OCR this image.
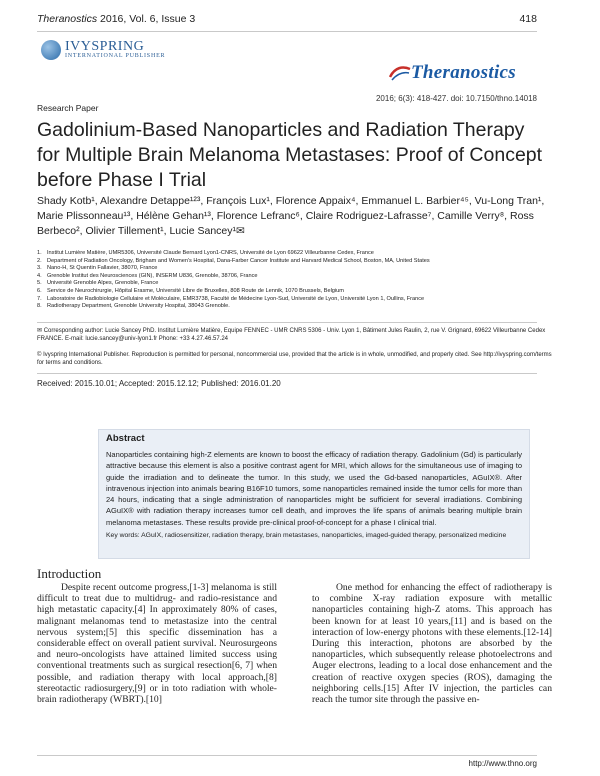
Theranostics 2016, Vol. 6, Issue 3	418
IVYSPRING
INTERNATIONAL PUBLISHER
Theranostics
2016; 6(3): 418-427. doi: 10.7150/thno.14018
Research Paper
Gadolinium-Based Nanoparticles and Radiation Therapy for Multiple Brain Melanoma Metastases: Proof of Concept before Phase I Trial
Shady Kotb¹, Alexandre Detappe¹²³, François Lux¹, Florence Appaix⁴, Emmanuel L. Barbier⁴⁵, Vu-Long Tran¹, Marie Plissonneau¹³, Hélène Gehan¹³, Florence Lefranc⁶, Claire Rodriguez-Lafrasse⁷, Camille Verry⁸, Ross Berbeco², Olivier Tillement¹, Lucie Sancey¹✉
1. Institut Lumière Matière, UMR5306, Université Claude Bernard Lyon1-CNRS, Université de Lyon 69622 Villeurbanne Cedex, France
2. Department of Radiation Oncology, Brigham and Women's Hospital, Dana-Farber Cancer Institute and Harvard Medical School, Boston, MA, United States
3. Nano-H, St Quentin Fallavier, 38070, France
4. Grenoble Institut des Neurosciences (GIN), INSERM U836, Grenoble, 38706, France
5. Université Grenoble Alpes, Grenoble, France
6. Service de Neurochirurgie, Hôpital Erasme, Université Libre de Bruxelles, 808 Route de Lennik, 1070 Brussels, Belgium
7. Laboratoire de Radiobiologie Cellulaire et Moléculaire, EMR3738, Faculté de Médecine Lyon-Sud, Université de Lyon, Université Lyon 1, Oullins, France
8. Radiotherapy Department, Grenoble University Hospital, 38043 Grenoble.
✉ Corresponding author: Lucie Sancey PhD. Institut Lumière Matière, Equipe FENNEC - UMR CNRS 5306 - Univ. Lyon 1, Bâtiment Jules Raulin, 2, rue V. Grignard, 69622 Villeurbanne Cedex FRANCE. E-mail: lucie.sancey@univ-lyon1.fr Phone: +33 4.27.46.57.24
© Ivyspring International Publisher. Reproduction is permitted for personal, noncommercial use, provided that the article is in whole, unmodified, and properly cited. See http://ivyspring.com/terms for terms and conditions.
Received: 2015.10.01; Accepted: 2015.12.12; Published: 2016.01.20
Abstract
Nanoparticles containing high-Z elements are known to boost the efficacy of radiation therapy. Gadolinium (Gd) is particularly attractive because this element is also a positive contrast agent for MRI, which allows for the simultaneous use of imaging to guide the irradiation and to delineate the tumor. In this study, we used the Gd-based nanoparticles, AGuIX®. After intravenous injection into animals bearing B16F10 tumors, some nanoparticles remained inside the tumor cells for more than 24 hours, indicating that a single administration of nanoparticles might be sufficient for several irradiations. Combining AGuIX® with radiation therapy increases tumor cell death, and improves the life spans of animals bearing multiple brain melanoma metastases. These results provide pre-clinical proof-of-concept for a phase I clinical trial.
Key words: AGuIX, radiosensitizer, radiation therapy, brain metastases, nanoparticles, imaged-guided therapy, personalized medicine
Introduction

Despite recent outcome progress,[1-3] melanoma is still difficult to treat due to multidrug- and radio-resistance and high metastatic capacity.[4] In approximately 80% of cases, malignant melanomas tend to metastasize into the central nervous system;[5] this specific dissemination has a considerable effect on overall patient survival. Neurosurgeons and neuro-oncologists have attained limited success using conventional treatments such as surgical resection[6, 7] when possible, and radiation therapy with local approach,[8] stereotactic radiosurgery,[9] or in toto radiation with whole-brain radiotherapy (WBRT).[10]

One method for enhancing the effect of radiotherapy is to combine X-ray radiation exposure with metallic nanoparticles containing high-Z atoms. This approach has been known for at least 10 years,[11] and is based on the interaction of low-energy photons with these elements.[12-14] During this interaction, photons are absorbed by the nanoparticles, which subsequently release photoelectrons and Auger electrons, leading to a local dose enhancement and the creation of reactive oxygen species (ROS), damaging the neighboring cells.[15] After IV injection, the particles can reach the tumor site through the passive en-

http://www.thno.org
